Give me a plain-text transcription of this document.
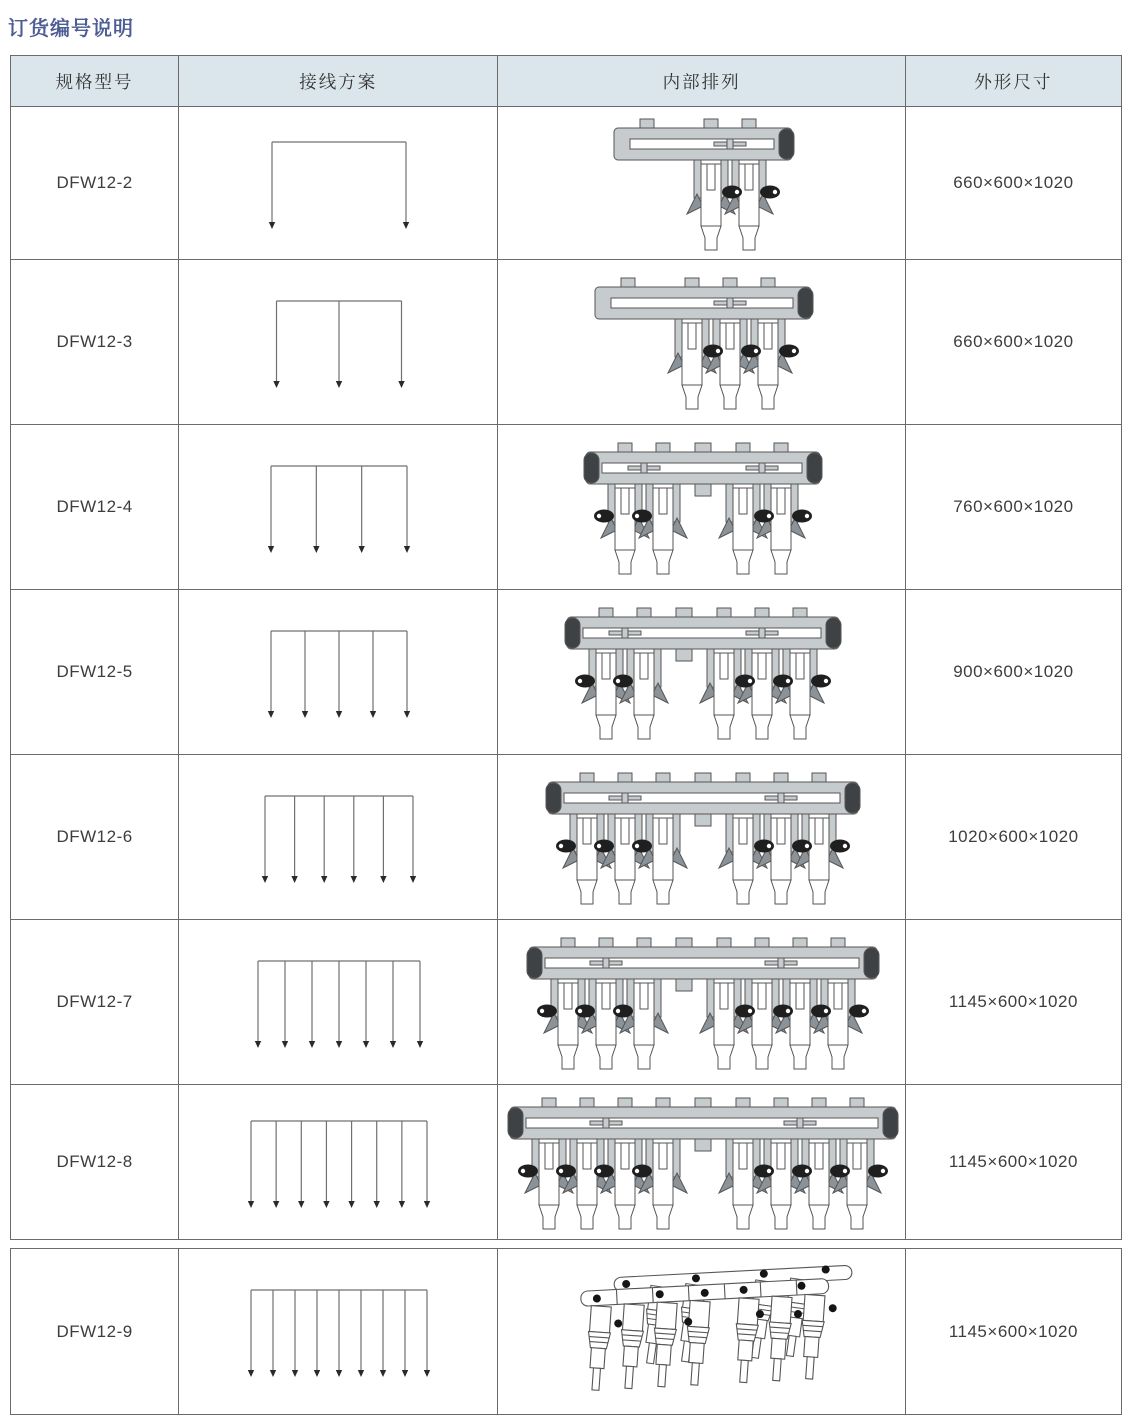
订货编号说明
规格型号	接线方案	内部排列	外形尺寸
DFW12-2			660×600×1020
DFW12-3			660×600×1020
DFW12-4			760×600×1020
DFW12-5			900×600×1020
DFW12-6			1020×600×1020
DFW12-7			1145×600×1020
DFW12-8			1145×600×1020
DFW12-9			1145×600×1020
